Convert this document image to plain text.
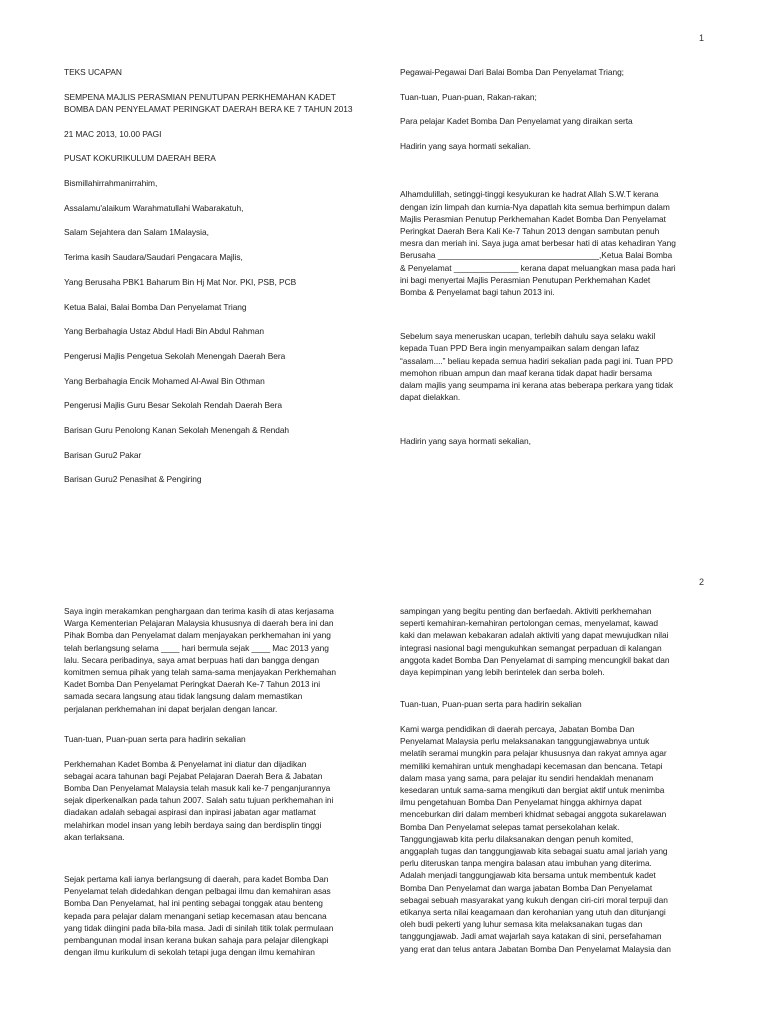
1

TEKS UCAPAN

SEMPENA MAJLIS PERASMIAN PENUTUPAN PERKHEMAHAN KADET

BOMBA DAN PENYELAMAT PERINGKAT DAERAH BERA KE 7 TAHUN 2013

21 MAC 2013, 10.00 PAGI

PUSAT KOKURIKULUM DAERAH BERA

Bismillahirrahmanirrahim,

Assalamu'alaikum Warahmatullahi Wabarakatuh,

Salam Sejahtera dan Salam 1Malaysia,

Terima kasih Saudara/Saudari Pengacara Majlis,

Yang Berusaha PBK1 Baharum Bin Hj Mat Nor. PKI, PSB, PCB

Ketua Balai, Balai Bomba Dan Penyelamat Triang

Yang Berbahagia Ustaz Abdul Hadi Bin Abdul Rahman

Pengerusi Majlis Pengetua Sekolah Menengah Daerah Bera

Yang Berbahagia Encik Mohamed Al-Awal Bin Othman

Pengerusi Majlis Guru Besar Sekolah Rendah Daerah Bera

Barisan Guru Penolong Kanan Sekolah Menengah & Rendah

Barisan Guru2 Pakar

Barisan Guru2 Penasihat & Pengiring

Pegawai-Pegawai Dari Balai Bomba Dan Penyelamat Triang;

Tuan-tuan, Puan-puan, Rakan-rakan;

Para pelajar Kadet Bomba Dan Penyelamat yang diraikan serta

Hadirin yang saya hormati sekalian.

Alhamdulillah, setinggi-tinggi kesyukuran ke hadrat Allah S.W.T kerana

dengan izin limpah dan kurnia-Nya dapatlah kita semua berhimpun dalam

Majlis Perasmian Penutup Perkhemahan Kadet Bomba Dan Penyelamat

Peringkat Daerah Bera Kali Ke-7 Tahun 2013 dengan sambutan penuh

mesra dan meriah ini. Saya juga amat berbesar hati di atas kehadiran Yang

Berusaha ___________________________________,Ketua Balai Bomba

& Penyelamat ______________ kerana dapat meluangkan masa pada hari

ini bagi menyertai Majlis Perasmian Penutupan Perkhemahan Kadet

Bomba & Penyelamat bagi tahun 2013 ini.

Sebelum saya meneruskan ucapan, terlebih dahulu saya selaku wakil

kepada Tuan PPD Bera ingin menyampaikan salam dengan lafaz

“assalam....” beliau kepada semua hadiri sekalian pada pagi ini. Tuan PPD

memohon ribuan ampun dan maaf kerana tidak dapat hadir bersama

dalam majlis yang seumpama ini kerana atas beberapa perkara yang tidak

dapat dielakkan.

Hadirin yang saya hormati sekalian,

2

Saya ingin merakamkan penghargaan dan terima kasih di atas kerjasama

Warga Kementerian Pelajaran Malaysia khususnya di daerah bera ini dan

Pihak Bomba dan Penyelamat dalam menjayakan perkhemahan ini yang

telah berlangsung selama ____ hari bermula sejak ____ Mac 2013 yang

lalu. Secara peribadinya, saya amat berpuas hati dan bangga dengan

komitmen semua pihak yang telah sama-sama menjayakan Perkhemahan

Kadet Bomba Dan Penyelamat Peringkat Daerah Ke-7 Tahun 2013 ini

samada secara langsung atau tidak langsung dalam memastikan

perjalanan perkhemahan ini dapat berjalan dengan lancar.

Tuan-tuan, Puan-puan serta para hadirin sekalian

Perkhemahan Kadet Bomba & Penyelamat ini diatur dan dijadikan

sebagai acara tahunan bagi Pejabat Pelajaran Daerah Bera & Jabatan

Bomba Dan Penyelamat Malaysia telah masuk kali ke-7 penganjurannya

sejak diperkenalkan pada tahun 2007. Salah satu tujuan perkhemahan ini

diadakan adalah sebagai aspirasi dan inpirasi jabatan agar matlamat

melahirkan model insan yang lebih berdaya saing dan berdisplin tinggi

akan terlaksana.

Sejak pertama kali ianya berlangsung di daerah, para kadet Bomba Dan

Penyelamat telah didedahkan dengan pelbagai ilmu dan kemahiran asas

Bomba Dan Penyelamat, hal ini penting sebagai tonggak atau benteng

kepada para pelajar dalam menangani setiap kecemasan atau bencana

yang tidak diingini pada bila-bila masa. Jadi di sinilah titik tolak permulaan

pembangunan modal insan kerana bukan sahaja para pelajar dilengkapi

dengan ilmu kurikulum di sekolah tetapi juga dengan ilmu kemahiran

sampingan yang begitu penting dan berfaedah. Aktiviti perkhemahan

seperti kemahiran-kemahiran pertolongan cemas, menyelamat, kawad

kaki dan melawan kebakaran adalah aktiviti yang dapat mewujudkan nilai

integrasi nasional bagi mengukuhkan semangat perpaduan di kalangan

anggota kadet Bomba Dan Penyelamat di samping mencungkil bakat dan

daya kepimpinan yang lebih berintelek dan serba boleh.

Tuan-tuan, Puan-puan serta para hadirin sekalian

Kami warga pendidikan di daerah percaya, Jabatan Bomba Dan

Penyelamat Malaysia perlu melaksanakan tanggungjawabnya untuk

melatih seramai mungkin para pelajar khususnya dan rakyat amnya agar

memiliki kemahiran untuk menghadapi kecemasan dan bencana. Tetapi

dalam masa yang sama, para pelajar itu sendiri hendaklah menanam

kesedaran untuk sama-sama mengikuti dan bergiat aktif untuk menimba

ilmu pengetahuan Bomba Dan Penyelamat hingga akhirnya dapat

menceburkan diri dalam memberi khidmat sebagai anggota sukarelawan

Bomba Dan Penyelamat selepas tamat persekolahan kelak.

Tanggungjawab kita perlu dilaksanakan dengan penuh komited,

anggaplah tugas dan tanggungjawab kita sebagai suatu amal jariah yang

perlu diteruskan tanpa mengira balasan atau imbuhan yang diterima.

Adalah menjadi tanggungjawab kita bersama untuk membentuk kadet

Bomba Dan Penyelamat dan warga jabatan Bomba Dan Penyelamat

sebagai sebuah masyarakat yang kukuh dengan ciri-ciri moral terpuji dan

etikanya serta nilai keagamaan dan kerohanian yang utuh dan ditunjangi

oleh budi pekerti yang luhur semasa kita melaksanakan tugas dan

tanggungjawab. Jadi amat wajarlah saya katakan di sini, persefahaman

yang erat dan telus antara Jabatan Bomba Dan Penyelamat Malaysia dan
